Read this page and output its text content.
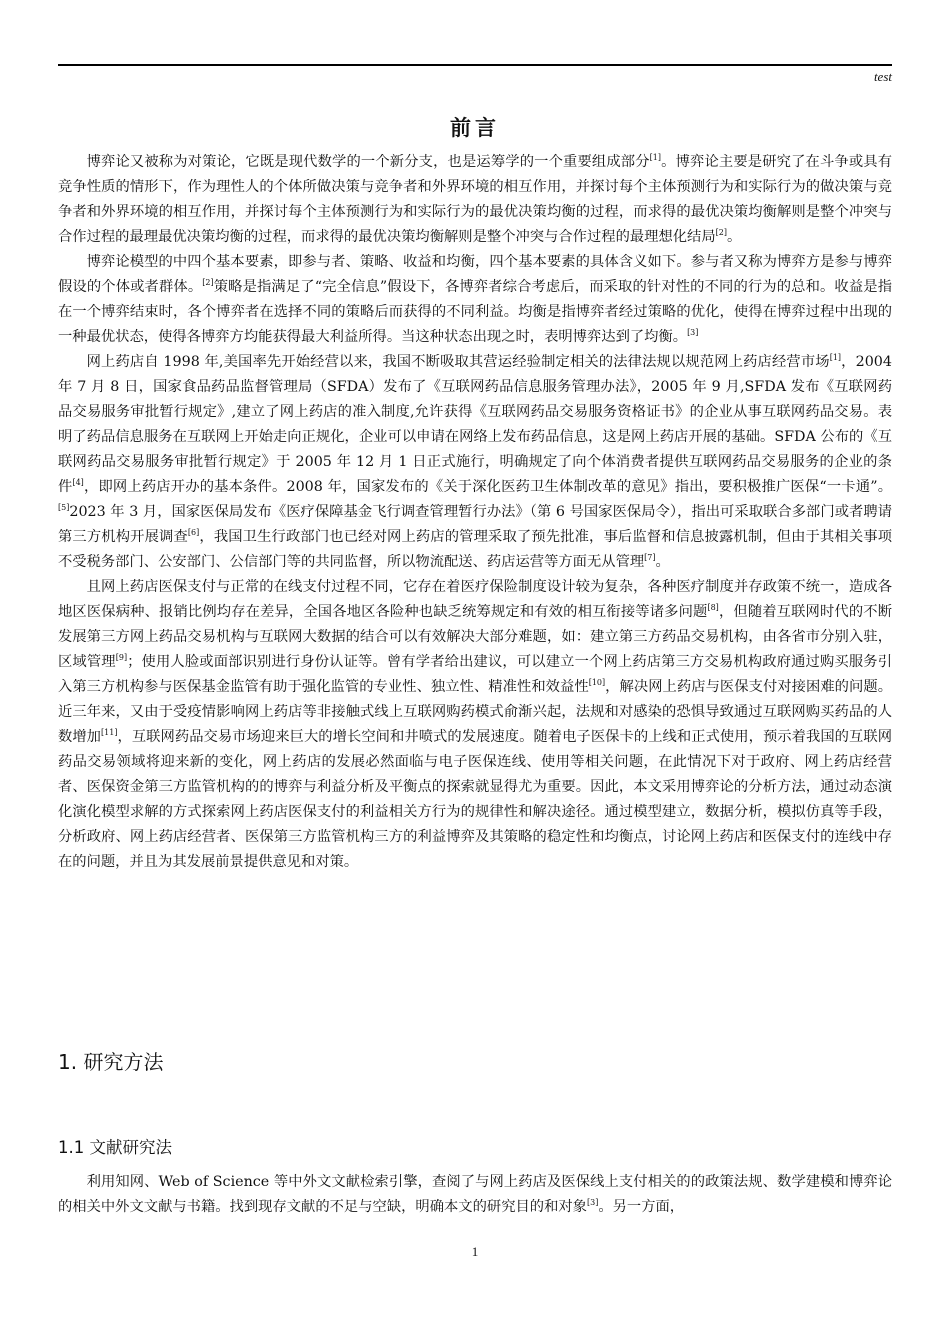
test
前言

博弈论又被称为对策论，它既是现代数学的一个新分支，也是运筹学的一个重要组成部分[1]。博弈论主要是研究了在斗争或具有竞争性质的情形下，作为理性人的个体所做决策与竞争者和外界环境的相互作用，并探讨每个主体预测行为和实际行为的做决策与竞争者和外界环境的相互作用，并探讨每个主体预测行为和实际行为的最优决策均衡的过程，而求得的最优决策均衡解则是整个冲突与合作过程的最理最优决策均衡的过程，而求得的最优决策均衡解则是整个冲突与合作过程的最理想化结局[2]。

博弈论模型的中四个基本要素，即参与者、策略、收益和均衡，四个基本要素的具体含义如下。参与者又称为博弈方是参与博弈假设的个体或者群体。[2]策略是指满足了“完全信息”假设下，各博弈者综合考虑后，而采取的针对性的不同的行为的总和。收益是指在一个博弈结束时，各个博弈者在选择不同的策略后而获得的不同利益。均衡是指博弈者经过策略的优化，使得在博弈过程中出现的一种最优状态，使得各博弈方均能获得最大利益所得。当这种状态出现之时，表明博弈达到了均衡。[3]

网上药店自 1998 年,美国率先开始经营以来，我国不断吸取其营运经验制定相关的法律法规以规范网上药店经营市场[1]，2004 年 7 月 8 日，国家食品药品监督管理局（SFDA）发布了《互联网药品信息服务管理办法》，2005 年 9 月,SFDA 发布《互联网药品交易服务审批暂行规定》,建立了网上药店的准入制度,允许获得《互联网药品交易服务资格证书》的企业从事互联网药品交易。表明了药品信息服务在互联网上开始走向正规化，企业可以申请在网络上发布药品信息，这是网上药店开展的基础。SFDA 公布的《互联网药品交易服务审批暂行规定》于 2005 年 12 月 1 日正式施行，明确规定了向个体消费者提供互联网药品交易服务的企业的条件[4]，即网上药店开办的基本条件。2008 年，国家发布的《关于深化医药卫生体制改革的意见》指出，要积极推广医保“一卡通”。[5]2023 年 3 月，国家医保局发布《医疗保障基金飞行调查管理暂行办法》（第 6 号国家医保局令），指出可采取联合多部门或者聘请第三方机构开展调查[6]，我国卫生行政部门也已经对网上药店的管理采取了预先批准，事后监督和信息披露机制，但由于其相关事项不受税务部门、公安部门、公信部门等的共同监督，所以物流配送、药店运营等方面无从管理[7]。

且网上药店医保支付与正常的在线支付过程不同，它存在着医疗保险制度设计较为复杂，各种医疗制度并存政策不统一，造成各地区医保病种、报销比例均存在差异，全国各地区各险种也缺乏统筹规定和有效的相互衔接等诸多问题[8]，但随着互联网时代的不断发展第三方网上药品交易机构与互联网大数据的结合可以有效解决大部分难题，如：建立第三方药品交易机构，由各省市分别入驻，区域管理[9]；使用人脸或面部识别进行身份认证等。曾有学者给出建议，可以建立一个网上药店第三方交易机构政府通过购买服务引入第三方机构参与医保基金监管有助于强化监管的专业性、独立性、精准性和效益性[10]，解决网上药店与医保支付对接困难的问题。近三年来，又由于受疫情影响网上药店等非接触式线上互联网购药模式俞渐兴起，法规和对感染的恐惧导致通过互联网购买药品的人数增加[11]，互联网药品交易市场迎来巨大的增长空间和井喷式的发展速度。随着电子医保卡的上线和正式使用，预示着我国的互联网药品交易领域将迎来新的变化，网上药店的发展必然面临与电子医保连线、使用等相关问题，在此情况下对于政府、网上药店经营者、医保资金第三方监管机构的的博弈与利益分析及平衡点的探索就显得尤为重要。因此，本文采用博弈论的分析方法，通过动态演化演化模型求解的方式探索网上药店医保支付的利益相关方行为的规律性和解决途径。通过模型建立，数据分析，模拟仿真等手段，分析政府、网上药店经营者、医保第三方监管机构三方的利益博弈及其策略的稳定性和均衡点，讨论网上药店和医保支付的连线中存在的问题，并且为其发展前景提供意见和对策。

1. 研究方法
1.1 文献研究法

利用知网、Web of Science 等中外文文献检索引擎，查阅了与网上药店及医保线上支付相关的的政策法规、数学建模和博弈论的相关中外文文献与书籍。找到现存文献的不足与空缺，明确本文的研究目的和对象[3]。另一方面，

1
